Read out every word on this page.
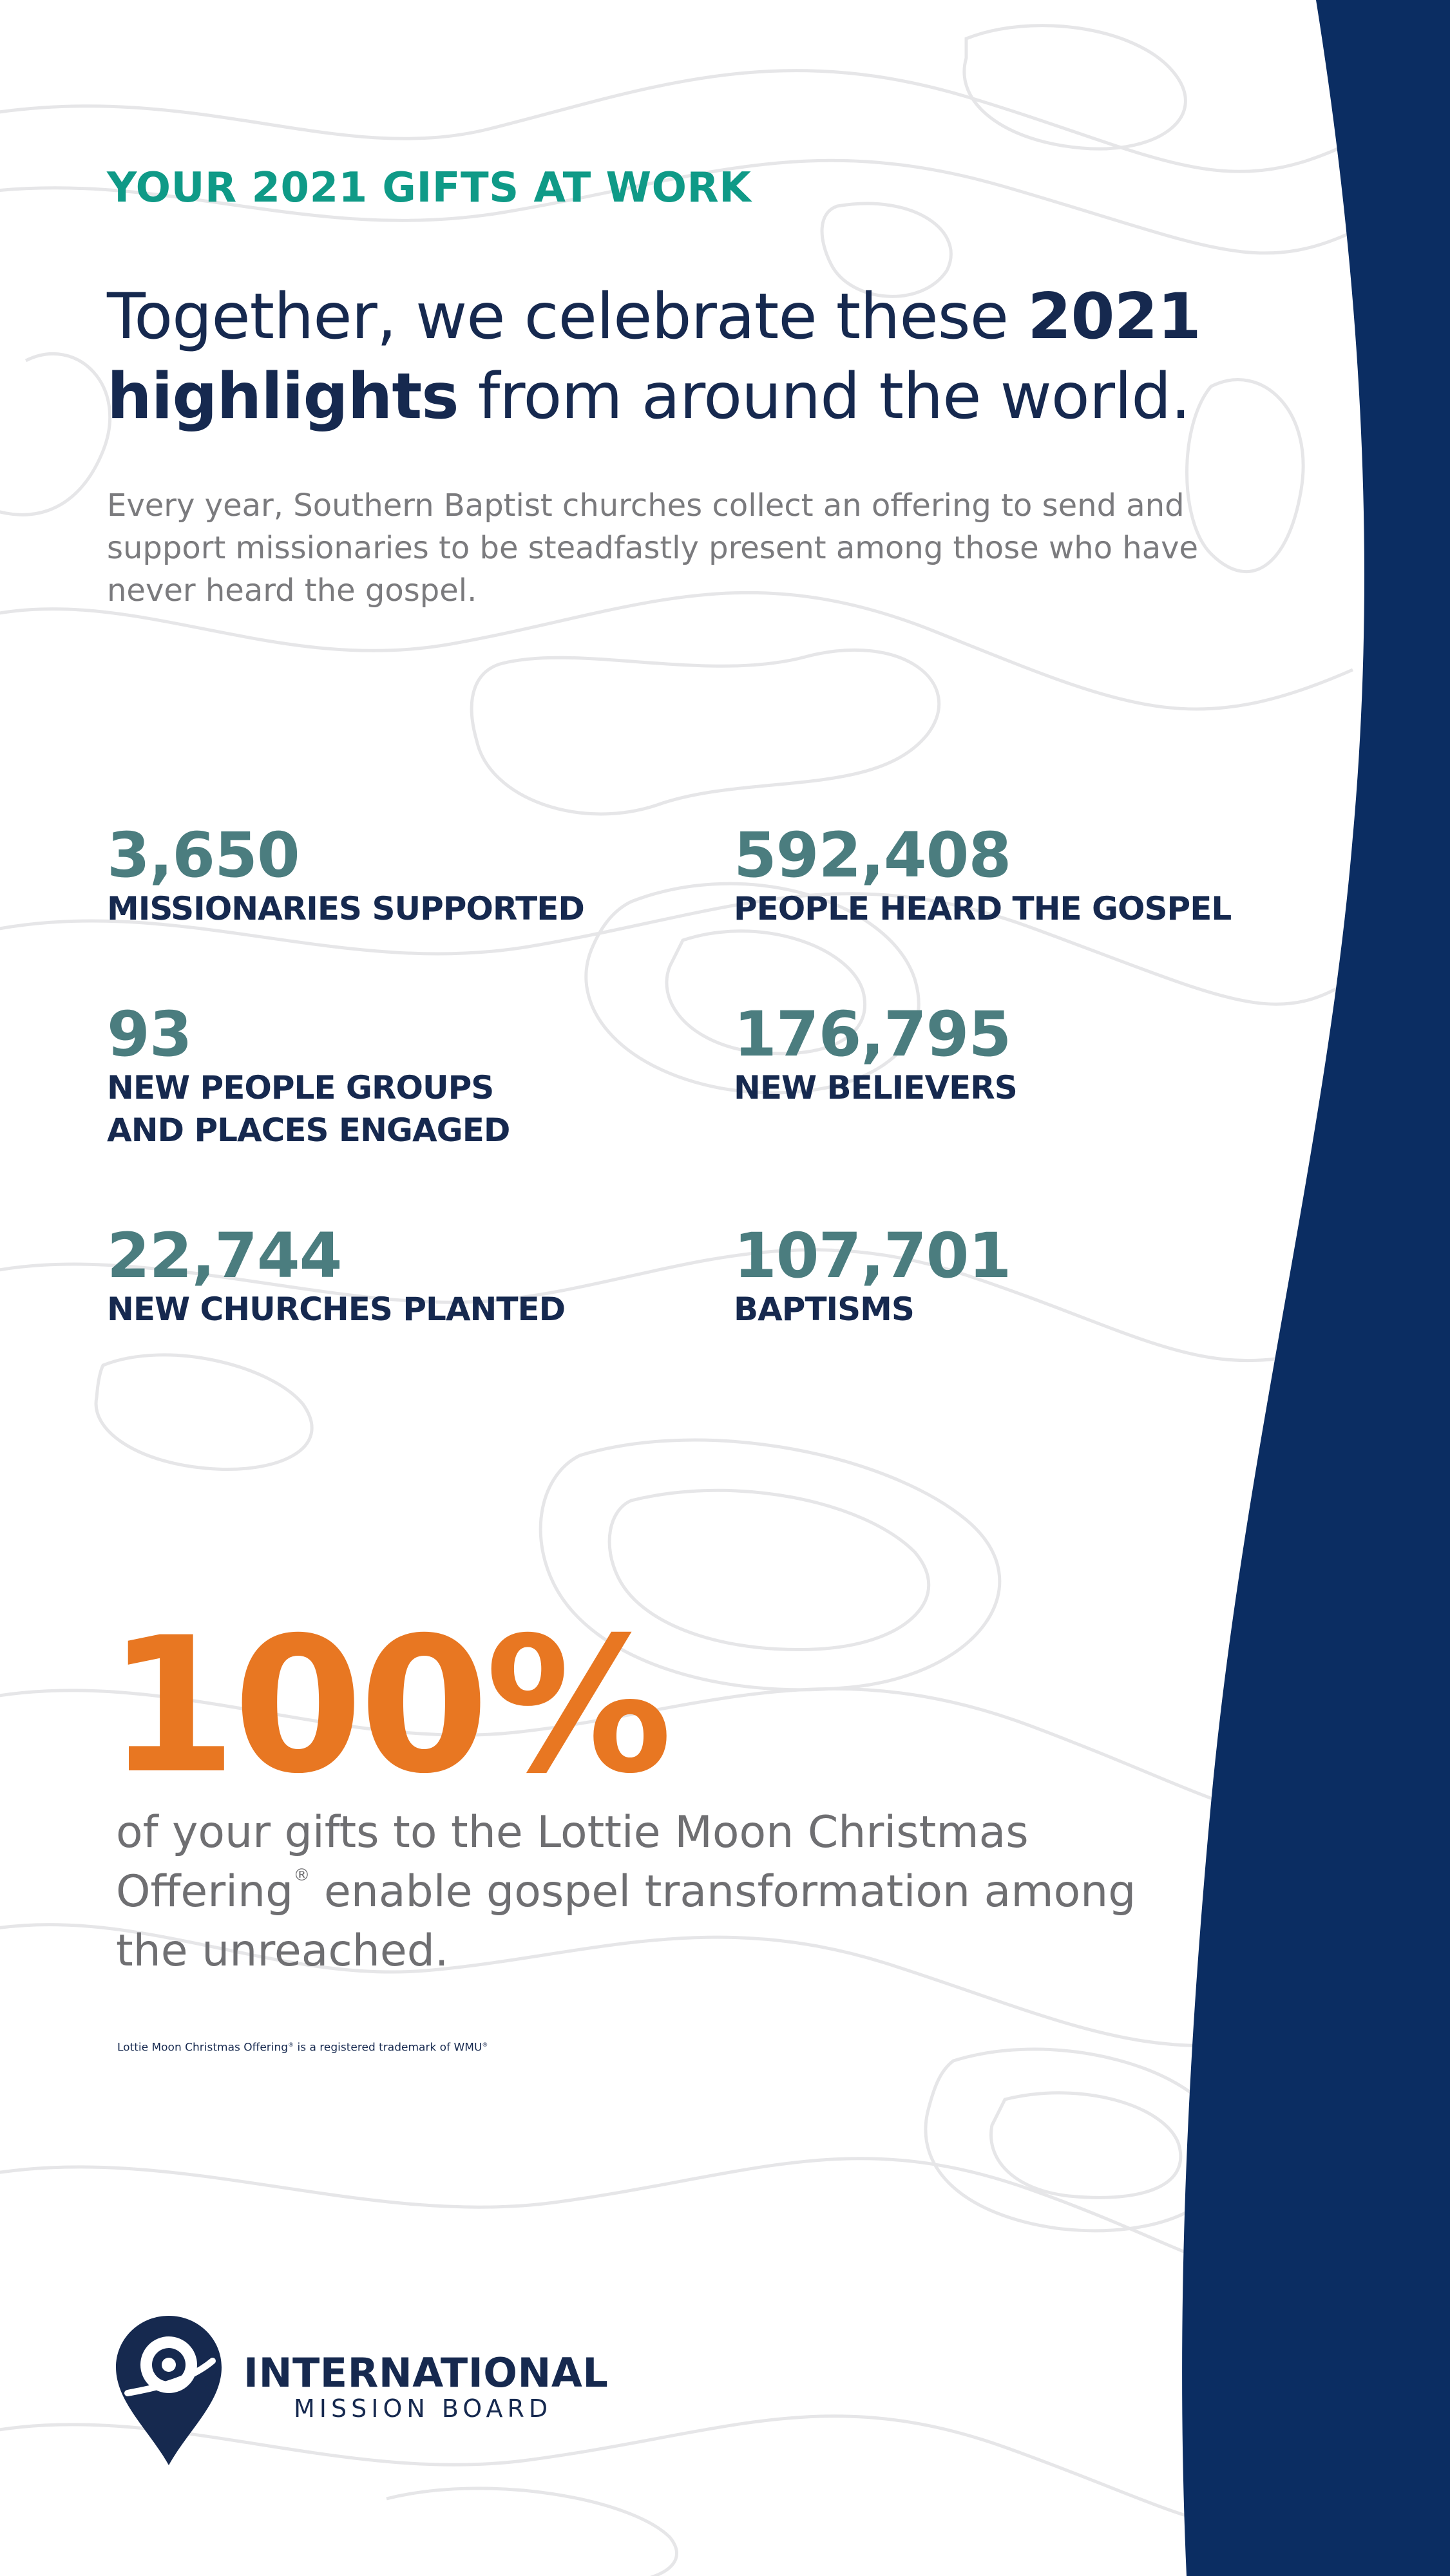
YOUR 2021 GIFTS AT WORK
Together, we celebrate these 2021 highlights from around the world.

Every year, Southern Baptist churches collect an offering to send and support missionaries to be steadfastly present among those who have never heard the gospel.

3,650
MISSIONARIES SUPPORTED
592,408
PEOPLE HEARD THE GOSPEL
93
NEW PEOPLE GROUPS
AND PLACES ENGAGED
176,795
NEW BELIEVERS
22,744
NEW CHURCHES PLANTED
107,701
BAPTISMS
100%

of your gifts to the Lottie Moon Christmas Offering® enable gospel transformation among the unreached.

Lottie Moon Christmas Offering® is a registered trademark of WMU®

INTERNATIONAL
MISSION BOARD
